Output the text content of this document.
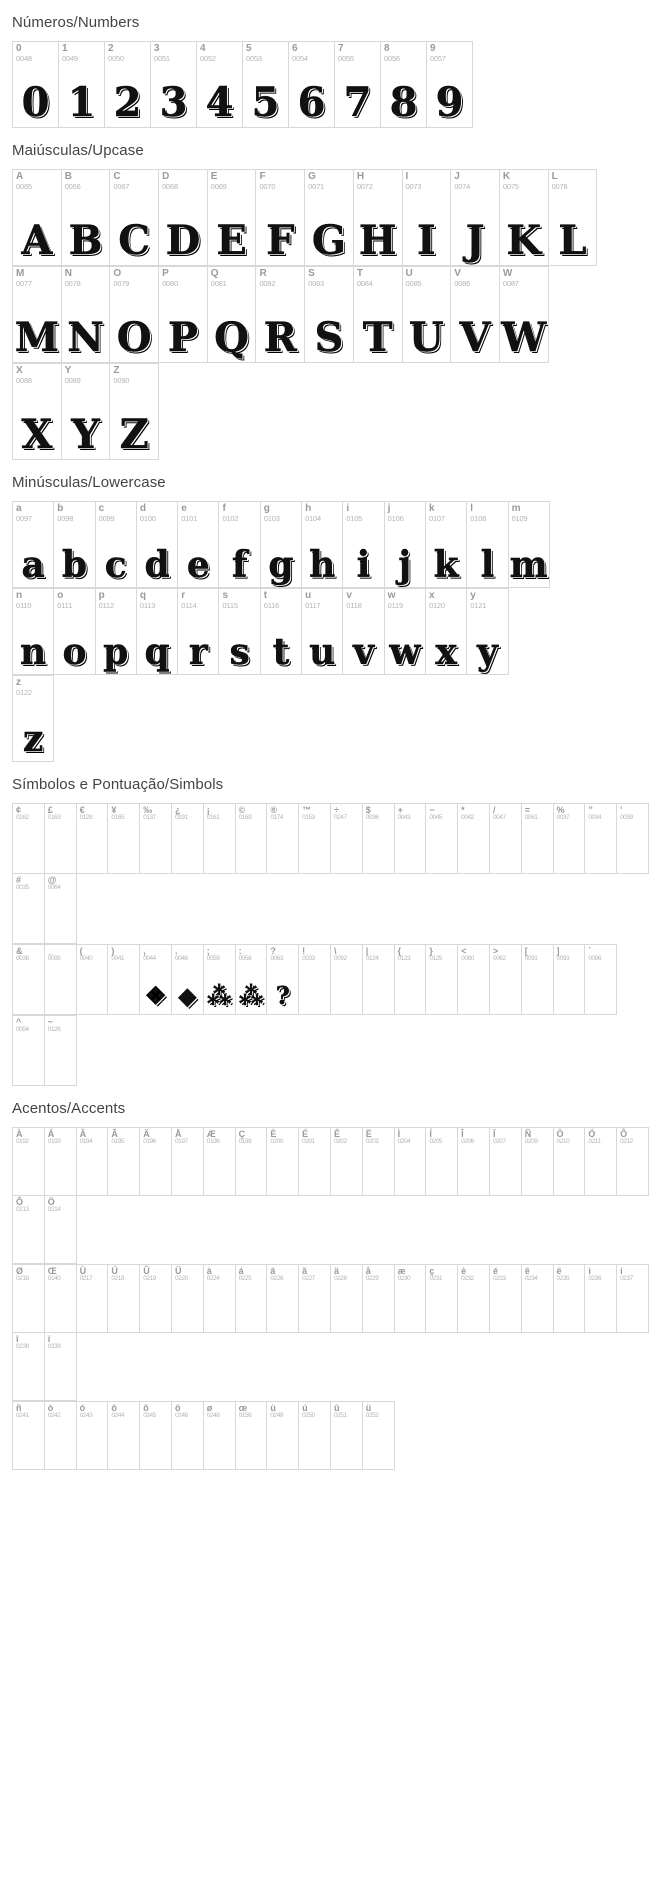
Números/Numbers
0
0048
0
1
0049
1
2
0050
2
3
0051
3
4
0052
4
5
0053
5
6
0054
6
7
0055
7
8
0056
8
9
0057
9
Maiúsculas/Upcase
A
0065
A
B
0066
B
C
0067
C
D
0068
D
E
0069
E
F
0070
F
G
0071
G
H
0072
H
I
0073
I
J
0074
J
K
0075
K
L
0076
L
M
0077
M
N
0078
N
O
0079
O
P
0080
P
Q
0081
Q
R
0082
R
S
0083
S
T
0084
T
U
0085
U
V
0086
V
W
0087
W
X
0088
X
Y
0089
Y
Z
0090
Z
Minúsculas/Lowercase
a
0097
a
b
0098
b
c
0099
c
d
0100
d
e
0101
e
f
0102
f
g
0103
g
h
0104
h
i
0105
i
j
0106
j
k
0107
k
l
0108
l
m
0109
m
n
0110
n
o
0111
o
p
0112
p
q
0113
q
r
0114
r
s
0115
s
t
0116
t
u
0117
u
v
0118
v
w
0119
w
x
0120
x
y
0121
y
z
0122
z
Símbolos e Pontuação/Simbols
¢
0162
£
0163
€
0128
¥
0165
‰
0137
¿
0191
¡
0161
©
0169
®
0174
™
0153
÷
0247
$
0036
+
0043
−
0045
*
0042
/
0047
=
0061
%
0037
”
0034
'
0039
#
0035
@
0064
&
0038
_
0095
(
0040
)
0041
,
0044
❖
.
0046
◆
;
0059
⁂
:
0058
⁂
?
0063
?
!
0033
\
0092
|
0124
{
0123
}
0125
<
0060
>
0062
[
0091
]
0093
`
0096
^
0094
~
0126
Acentos/Accents
À
0192
Á
0193
Â
0194
Ã
0195
Ä
0196
Å
0197
Æ
0198
Ç
0199
È
0200
É
0201
Ê
0202
Ë
0203
Ì
0204
Í
0205
Î
0206
Ï
0207
Ñ
0209
Ò
0210
Ó
0211
Ô
0212
Õ
0213
Ö
0214
Ø
0216
Œ
0140
Ù
0217
Ú
0218
Û
0219
Ü
0220
à
0224
á
0225
â
0226
ã
0227
ä
0228
å
0229
æ
0230
ç
0231
è
0232
é
0233
ê
0234
ë
0235
ì
0236
í
0237
î
0238
ï
0239
ñ
0241
ò
0242
ó
0243
ô
0244
õ
0245
ö
0246
ø
0248
œ
0156
ù
0249
ú
0250
û
0251
ü
0252
